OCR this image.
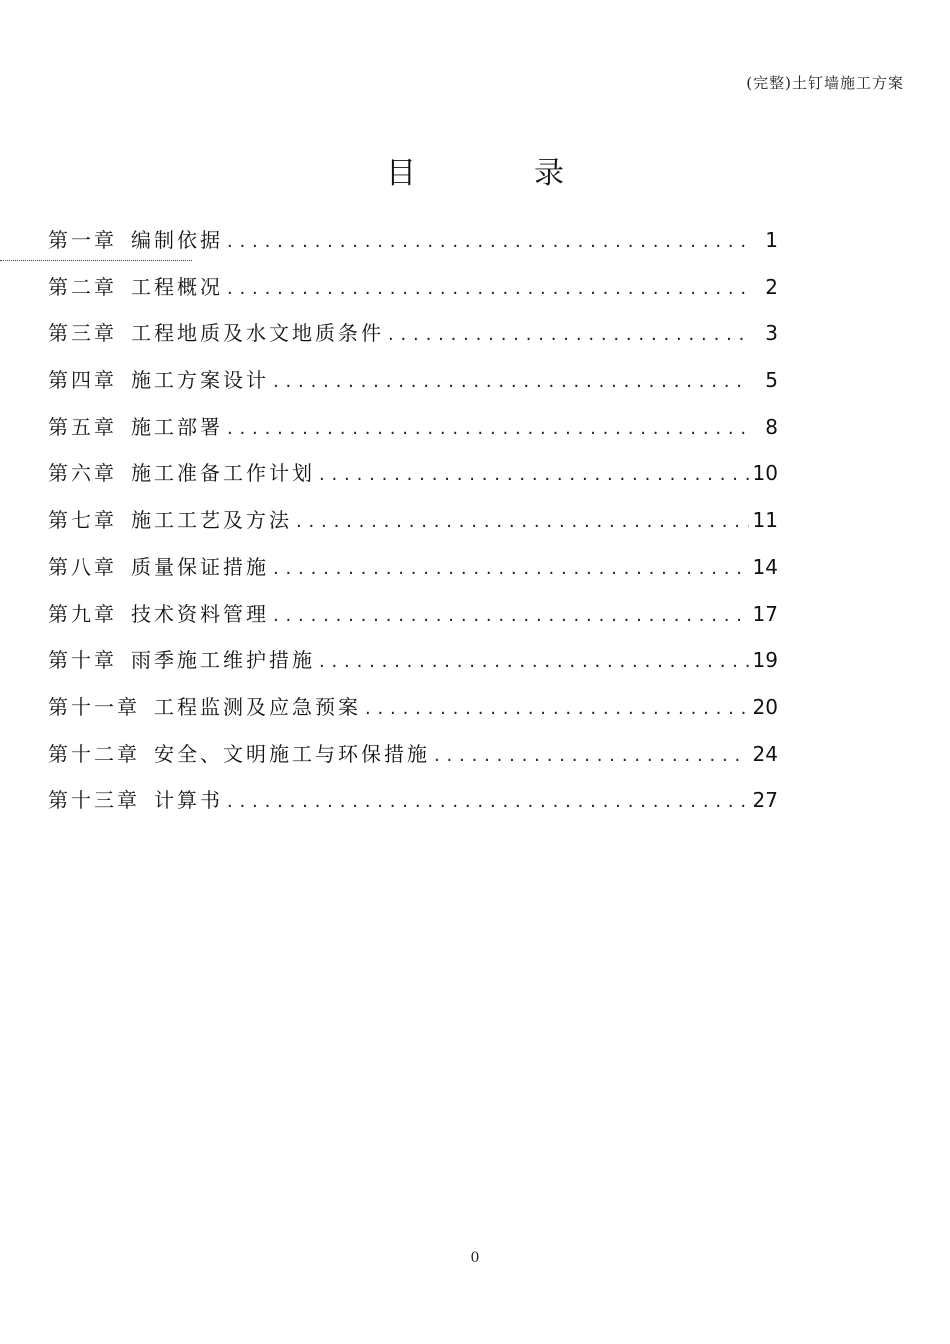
(完整)土钉墙施工方案
目录
第一章 编制依据 .....	1
第二章 工程概况 .....	2
第三章 工程地质及水文地质条件 .....	3
第四章 施工方案设计 .....	5
第五章 施工部署 .....	8
第六章 施工准备工作计划 .....	10
第七章 施工工艺及方法 .....	11
第八章 质量保证措施 .....	14
第九章 技术资料管理 .....	17
第十章 雨季施工维护措施 .....	19
第十一章 工程监测及应急预案 .....	20
第十二章 安全、文明施工与环保措施 .....	24
第十三章 计算书 .....	27
0
